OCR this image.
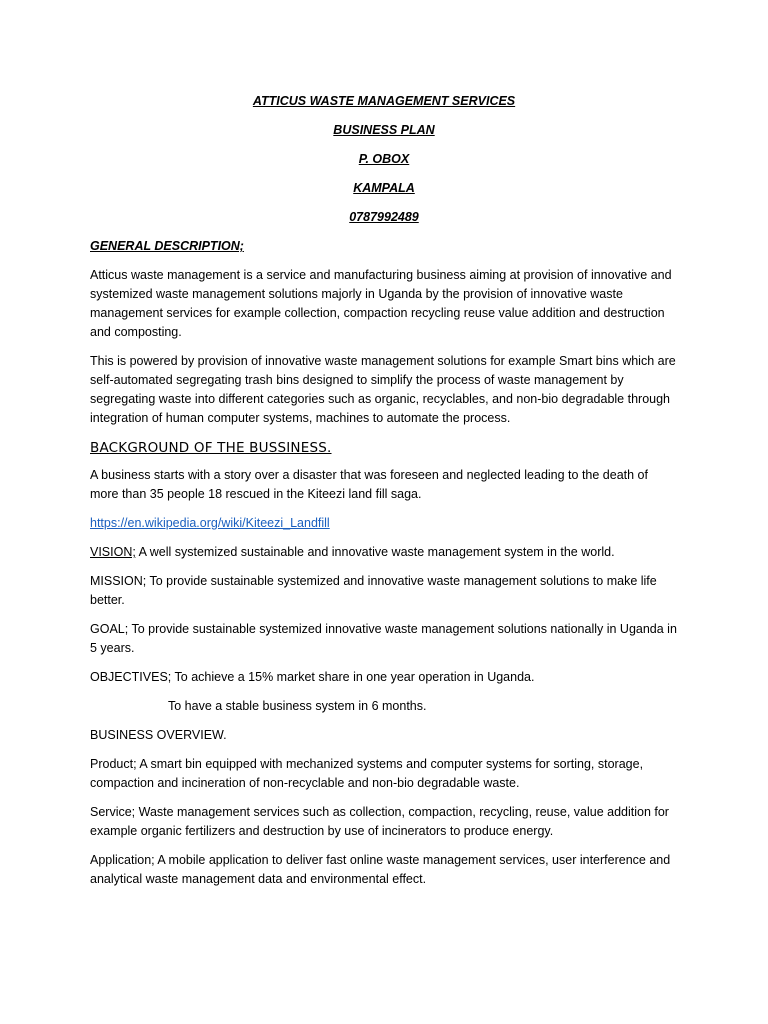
ATTICUS WASTE MANAGEMENT SERVICES

BUSINESS PLAN

P. OBOX

KAMPALA

0787992489

GENERAL DESCRIPTION;

Atticus waste management is a service and manufacturing business aiming at provision of innovative and systemized waste management solutions majorly in Uganda by the provision of innovative waste management services for example collection, compaction recycling reuse value addition and destruction and composting.

This is powered by provision of innovative waste management solutions for example Smart bins which are self-automated segregating trash bins designed to simplify the process of waste management by segregating waste into different categories such as organic, recyclables, and non-bio degradable through integration of human computer systems, machines to automate the process.

BACKGROUND OF THE BUSSINESS.

A business starts with a story over a disaster that was foreseen and neglected leading to the death of more than 35 people 18 rescued in the Kiteezi land fill saga.

https://en.wikipedia.org/wiki/Kiteezi_Landfill

VISION; A well systemized sustainable and innovative waste management system in the world.

MISSION; To provide sustainable systemized and innovative waste management solutions to make life better.

GOAL; To provide sustainable systemized innovative waste management solutions nationally in Uganda in 5 years.

OBJECTIVES; To achieve a 15% market share in one year operation in Uganda.

To have a stable business system in 6 months.

BUSINESS OVERVIEW.

Product; A smart bin equipped with mechanized systems and computer systems for sorting, storage, compaction and incineration of non-recyclable and non-bio degradable waste.

Service; Waste management services such as collection, compaction, recycling, reuse, value addition for example organic fertilizers and destruction by use of incinerators to produce energy.

Application; A mobile application to deliver fast online waste management services, user interference and analytical waste management data and environmental effect.
